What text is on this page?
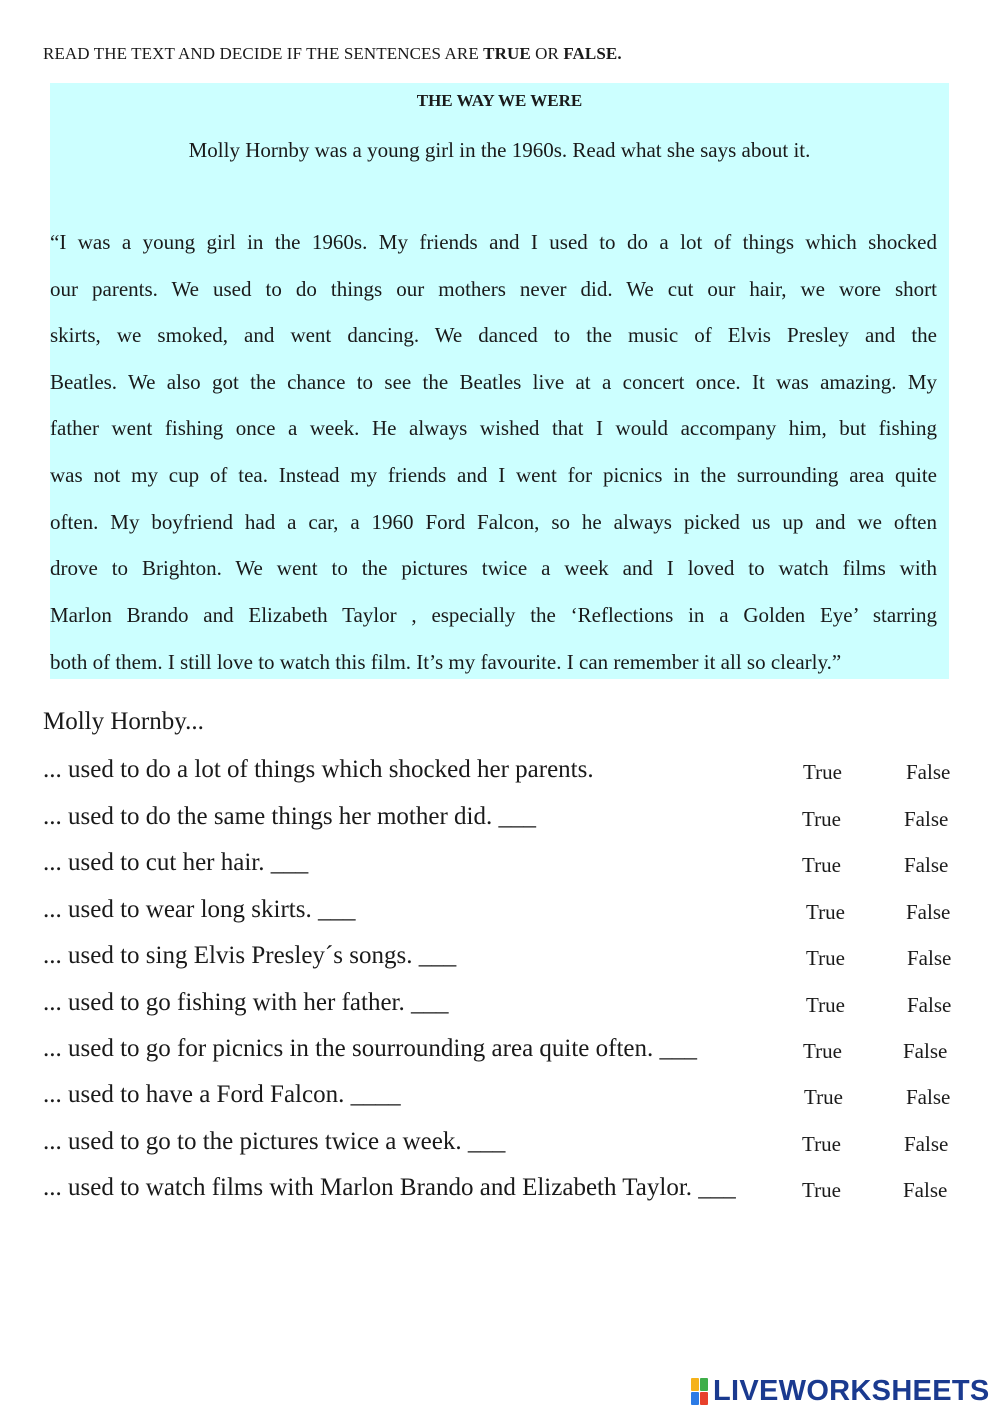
READ THE TEXT AND DECIDE IF THE SENTENCES ARE TRUE OR FALSE.
THE WAY WE WERE
Molly Hornby was a young girl in the 1960s. Read what she says about it.
“I was a young girl in the 1960s. My friends and I used to do a lot of things which shocked
our parents. We used to do things our mothers never did. We cut our hair, we wore short
skirts, we smoked, and went dancing. We danced to the music of Elvis Presley and the
Beatles. We also got the chance to see the Beatles live at a concert once. It was amazing. My
father went fishing once a week. He always wished that I would accompany him, but fishing
was not my cup of tea. Instead my friends and I went for picnics in the surrounding area quite
often. My boyfriend had a car, a 1960 Ford Falcon, so he always picked us up and we often
drove to Brighton. We went to the pictures twice a week and I loved to watch films with
Marlon Brando and Elizabeth Taylor , especially the ‘Reflections in a Golden Eye’ starring
both of them. I still love to watch this film. It’s my favourite. I can remember it all so clearly.”
Molly Hornby...
... used to do a lot of things which shocked her parents.	True	False
... used to do the same things her mother did. ___	True	False
... used to cut her hair. ___	True	False
... used to wear long skirts. ___	True	False
... used to sing Elvis Presley´s songs. ___	True	False
... used to go fishing with her father. ___	True	False
... used to go for picnics in the sourrounding area quite often. ___	True	False
... used to have a Ford Falcon. ____	True	False
... used to go to the pictures twice a week. ___	True	False
... used to watch films with Marlon Brando and Elizabeth Taylor. ___	True	False
LIVEWORKSHEETS
